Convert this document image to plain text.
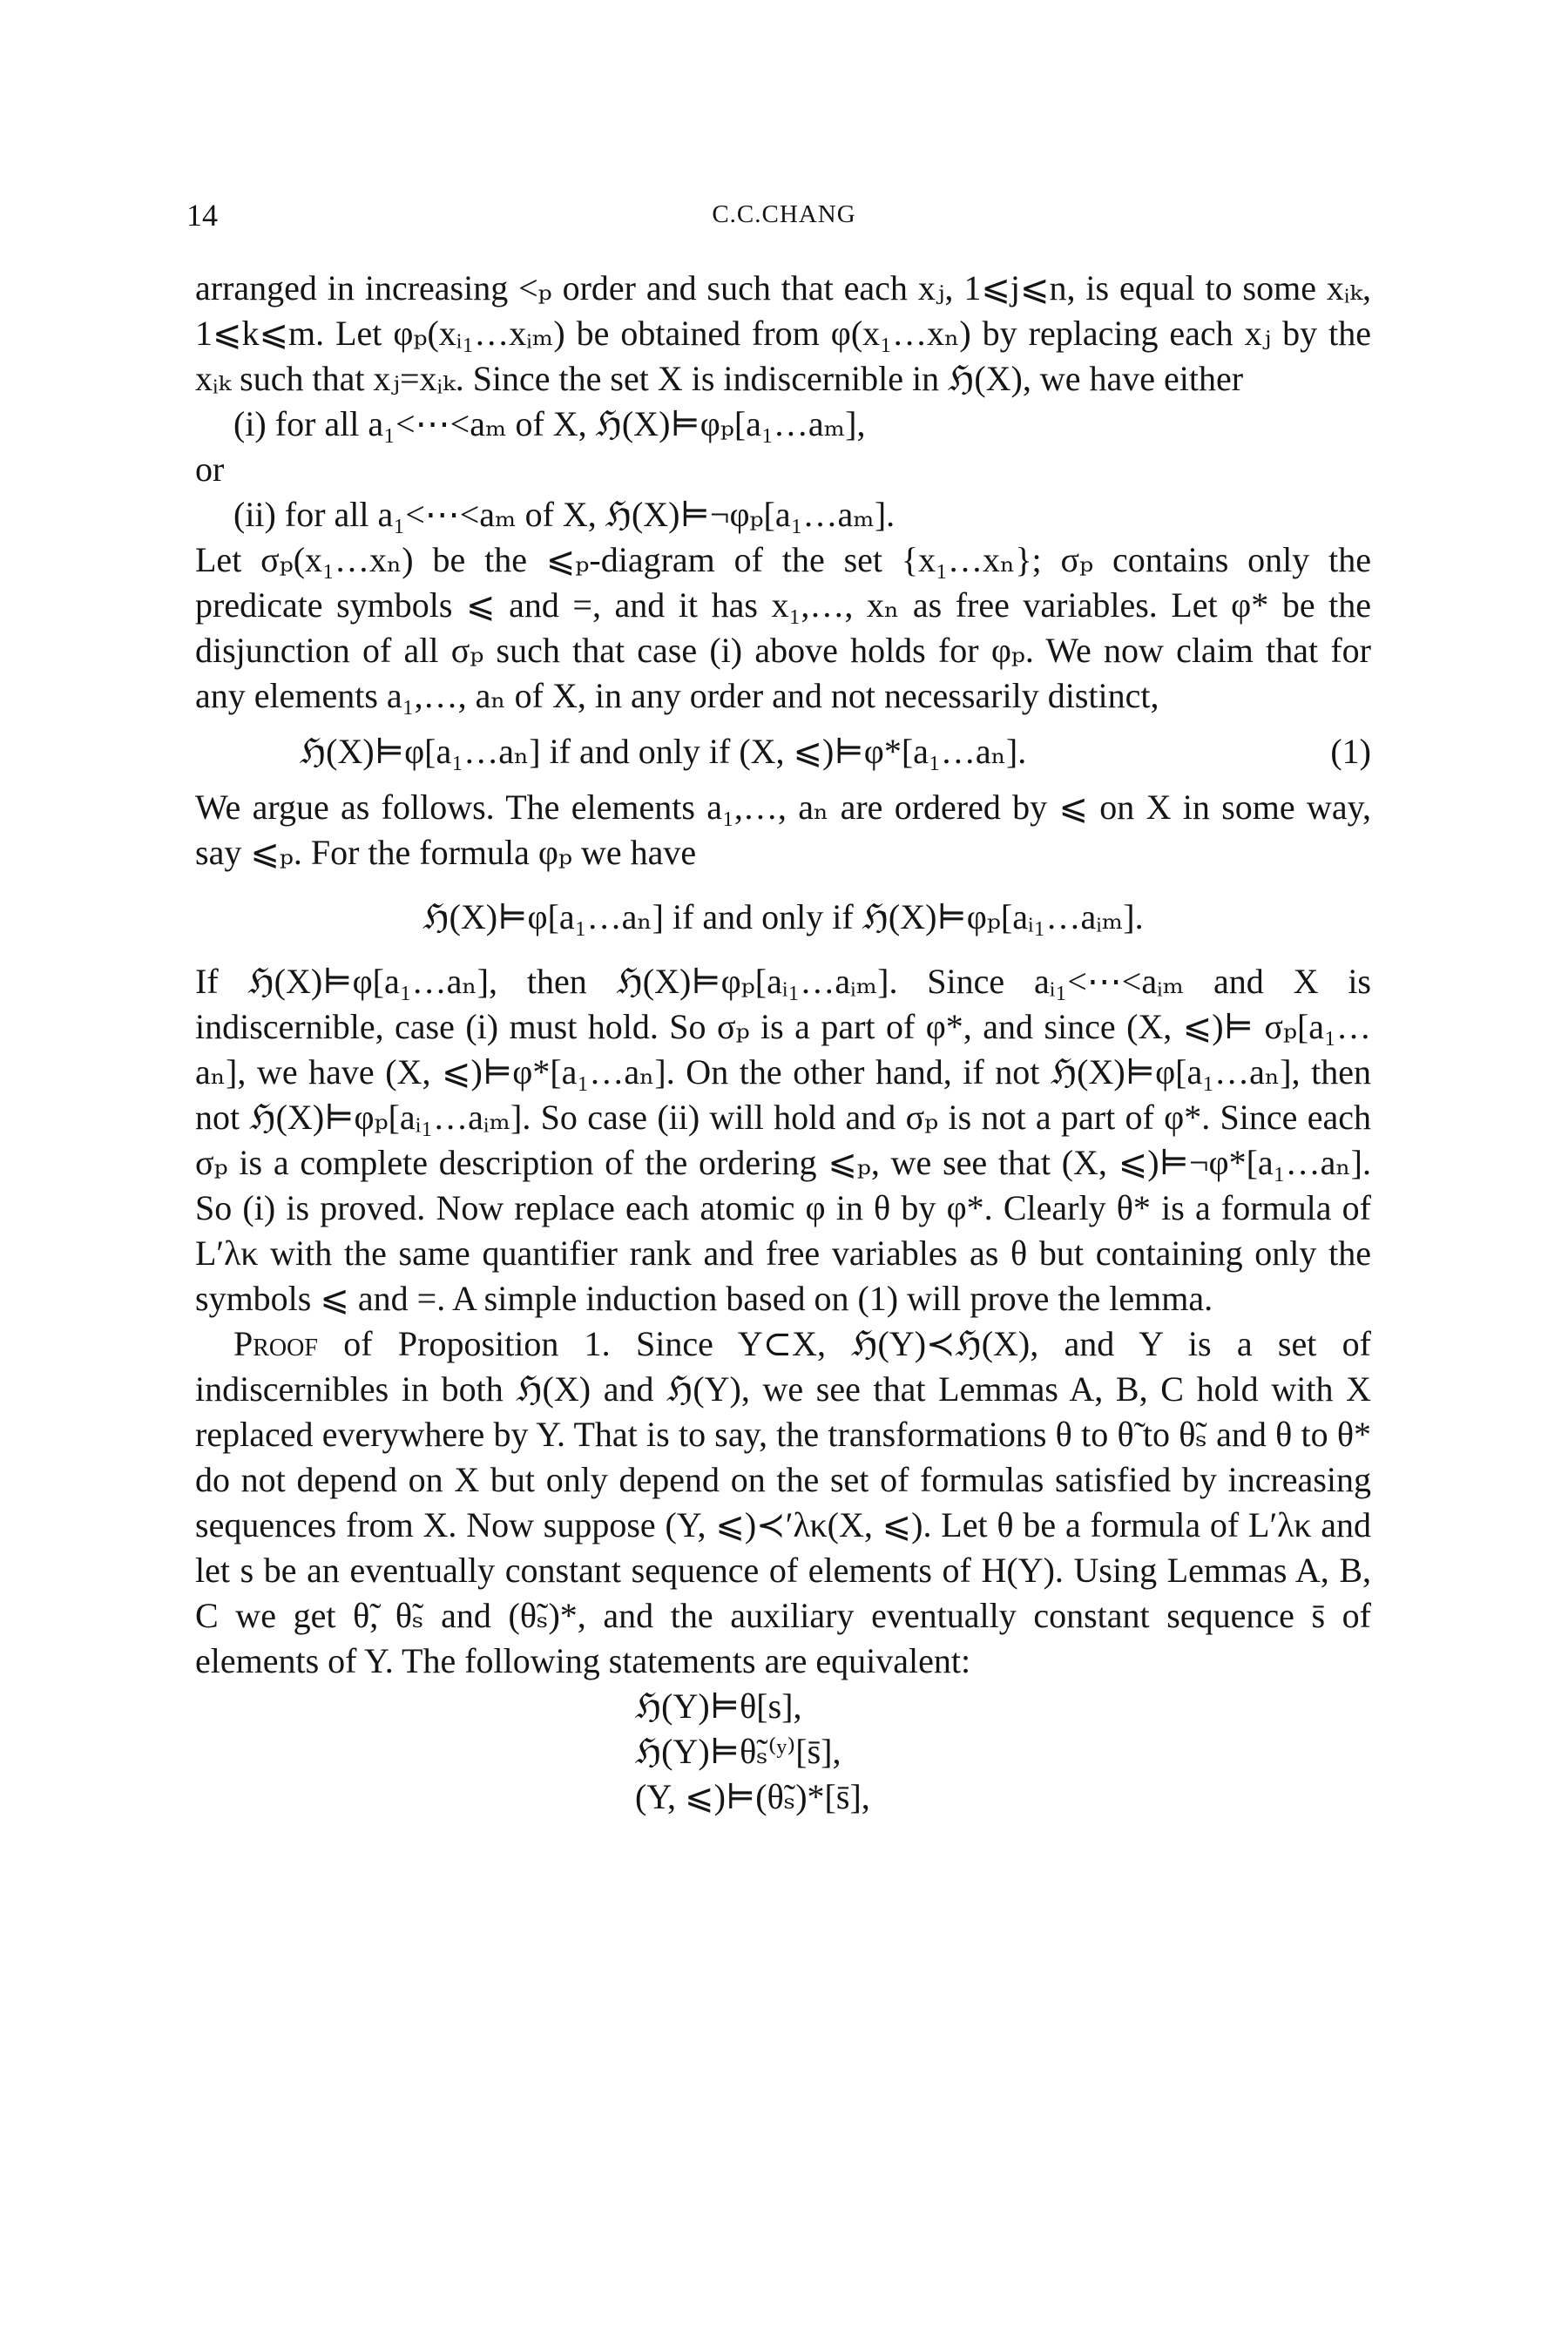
14	C.C.CHANG

arranged in increasing <ₚ order and such that each xⱼ, 1⩽j⩽n, is equal to some xᵢₖ, 1⩽k⩽m. Let φₚ(xᵢ₁…xᵢₘ) be obtained from φ(x₁…xₙ) by replacing each xⱼ by the xᵢₖ such that xⱼ=xᵢₖ. Since the set X is indiscernible in ℌ(X), we have either

(i) for all a₁<⋯<aₘ of X, ℌ(X)⊨φₚ[a₁…aₘ],

or

(ii) for all a₁<⋯<aₘ of X, ℌ(X)⊨¬φₚ[a₁…aₘ].

Let σₚ(x₁…xₙ) be the ⩽ₚ-diagram of the set {x₁…xₙ}; σₚ contains only the predicate symbols ⩽ and =, and it has x₁,…, xₙ as free variables. Let φ* be the disjunction of all σₚ such that case (i) above holds for φₚ. We now claim that for any elements a₁,…, aₙ of X, in any order and not necessarily distinct,

ℌ(X)⊨φ[a₁…aₙ] if and only if (X, ⩽)⊨φ*[a₁…aₙ].	(1)

We argue as follows. The elements a₁,…, aₙ are ordered by ⩽ on X in some way, say ⩽ₚ. For the formula φₚ we have

ℌ(X)⊨φ[a₁…aₙ] if and only if ℌ(X)⊨φₚ[aᵢ₁…aᵢₘ].

If ℌ(X)⊨φ[a₁…aₙ], then ℌ(X)⊨φₚ[aᵢ₁…aᵢₘ]. Since aᵢ₁<⋯<aᵢₘ and X is indiscernible, case (i) must hold. So σₚ is a part of φ*, and since (X, ⩽)⊨ σₚ[a₁…aₙ], we have (X, ⩽)⊨φ*[a₁…aₙ]. On the other hand, if not ℌ(X)⊨φ[a₁…aₙ], then not ℌ(X)⊨φₚ[aᵢ₁…aᵢₘ]. So case (ii) will hold and σₚ is not a part of φ*. Since each σₚ is a complete description of the ordering ⩽ₚ, we see that (X, ⩽)⊨¬φ*[a₁…aₙ]. So (i) is proved. Now replace each atomic φ in θ by φ*. Clearly θ* is a formula of L′λκ with the same quantifier rank and free variables as θ but containing only the symbols ⩽ and =. A simple induction based on (1) will prove the lemma.

Proof of Proposition 1. Since Y⊂X, ℌ(Y)≺ℌ(X), and Y is a set of indiscernibles in both ℌ(X) and ℌ(Y), we see that Lemmas A, B, C hold with X replaced everywhere by Y. That is to say, the transformations θ to θ̃ to θ̃ₛ and θ to θ* do not depend on X but only depend on the set of formulas satisfied by increasing sequences from X. Now suppose (Y, ⩽)≺′λκ(X, ⩽). Let θ be a formula of L′λκ and let s be an eventually constant sequence of elements of H(Y). Using Lemmas A, B, C we get θ̃, θ̃ₛ and (θ̃ₛ)*, and the auxiliary eventually constant sequence s̄ of elements of Y. The following statements are equivalent:

ℌ(Y)⊨θ[s],
ℌ(Y)⊨θ̃ₛ⁽ʸ⁾[s̄],
(Y, ⩽)⊨(θ̃ₛ)*[s̄],
